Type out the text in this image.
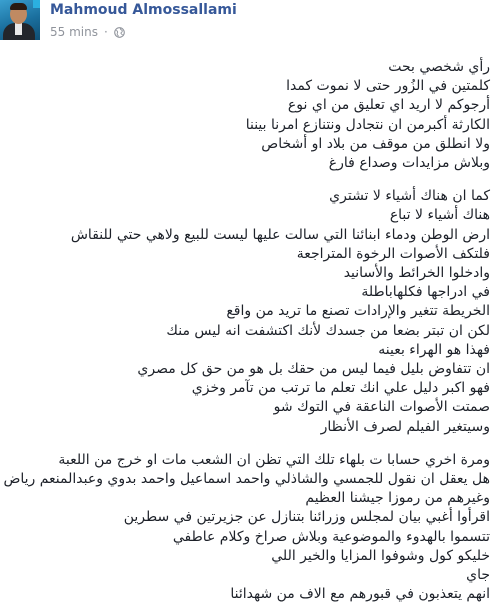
Mahmoud Almossallami
55 mins ·
رأي شخصي بحت
كلمتين في الزُور حتى لا نموت كمدا
أرجوكم لا اريد اي تعليق من اي نوع
الكارثة أكبرمن ان نتجادل ونتنازع امرنا بيننا
ولا انطلق من موقف من بلاد او أشخاص
وبلاش مزايدات وصداع فارغ
كما ان هناك أشياء لا تشتري
هناك أشياء لا تباع
ارض الوطن ودماء ابنائنا التي سالت عليها ليست للبيع ولاهي حتي للنقاش
فلتكف الأصوات الرخوة المتراجعة
وادخلوا الخرائط والأسانيد
في ادراجها فكلهاباطلة
الخريطة تتغير والإرادات تصنع ما تريد من واقع
لكن ان تبتر بضعا من جسدك لأنك اكتشفت انه ليس منك
فهذا هو الهراء بعينه
ان تتفاوض بليل فيما ليس من حقك بل هو من حق كل مصري
فهو اكبر دليل علي انك تعلم ما ترتب من تآمر وخزي
صمتت الأصوات الناعقة في التوك شو
وسيتغير الفيلم لصرف الأنظار
ومرة اخري حسابا ت بلهاء تلك التي تظن ان الشعب مات او خرج من اللعبة
هل يعقل ان نقول للجمسي والشاذلي واحمد اسماعيل واحمد بدوي وعبدالمنعم رياض
وغيرهم من رموزا جيشنا العظيم
اقرأوا أغبي بيان لمجلس وزرائنا بتنازل عن جزيرتين في سطرين
تتسموا بالهدوء والموضوعية وبلاش صراخ وكلام عاطفي
خليكو كول وشوفوا المزايا والخير اللي
جاي
انهم يتعذبون في قبورهم مع الاف من شهدائنا
